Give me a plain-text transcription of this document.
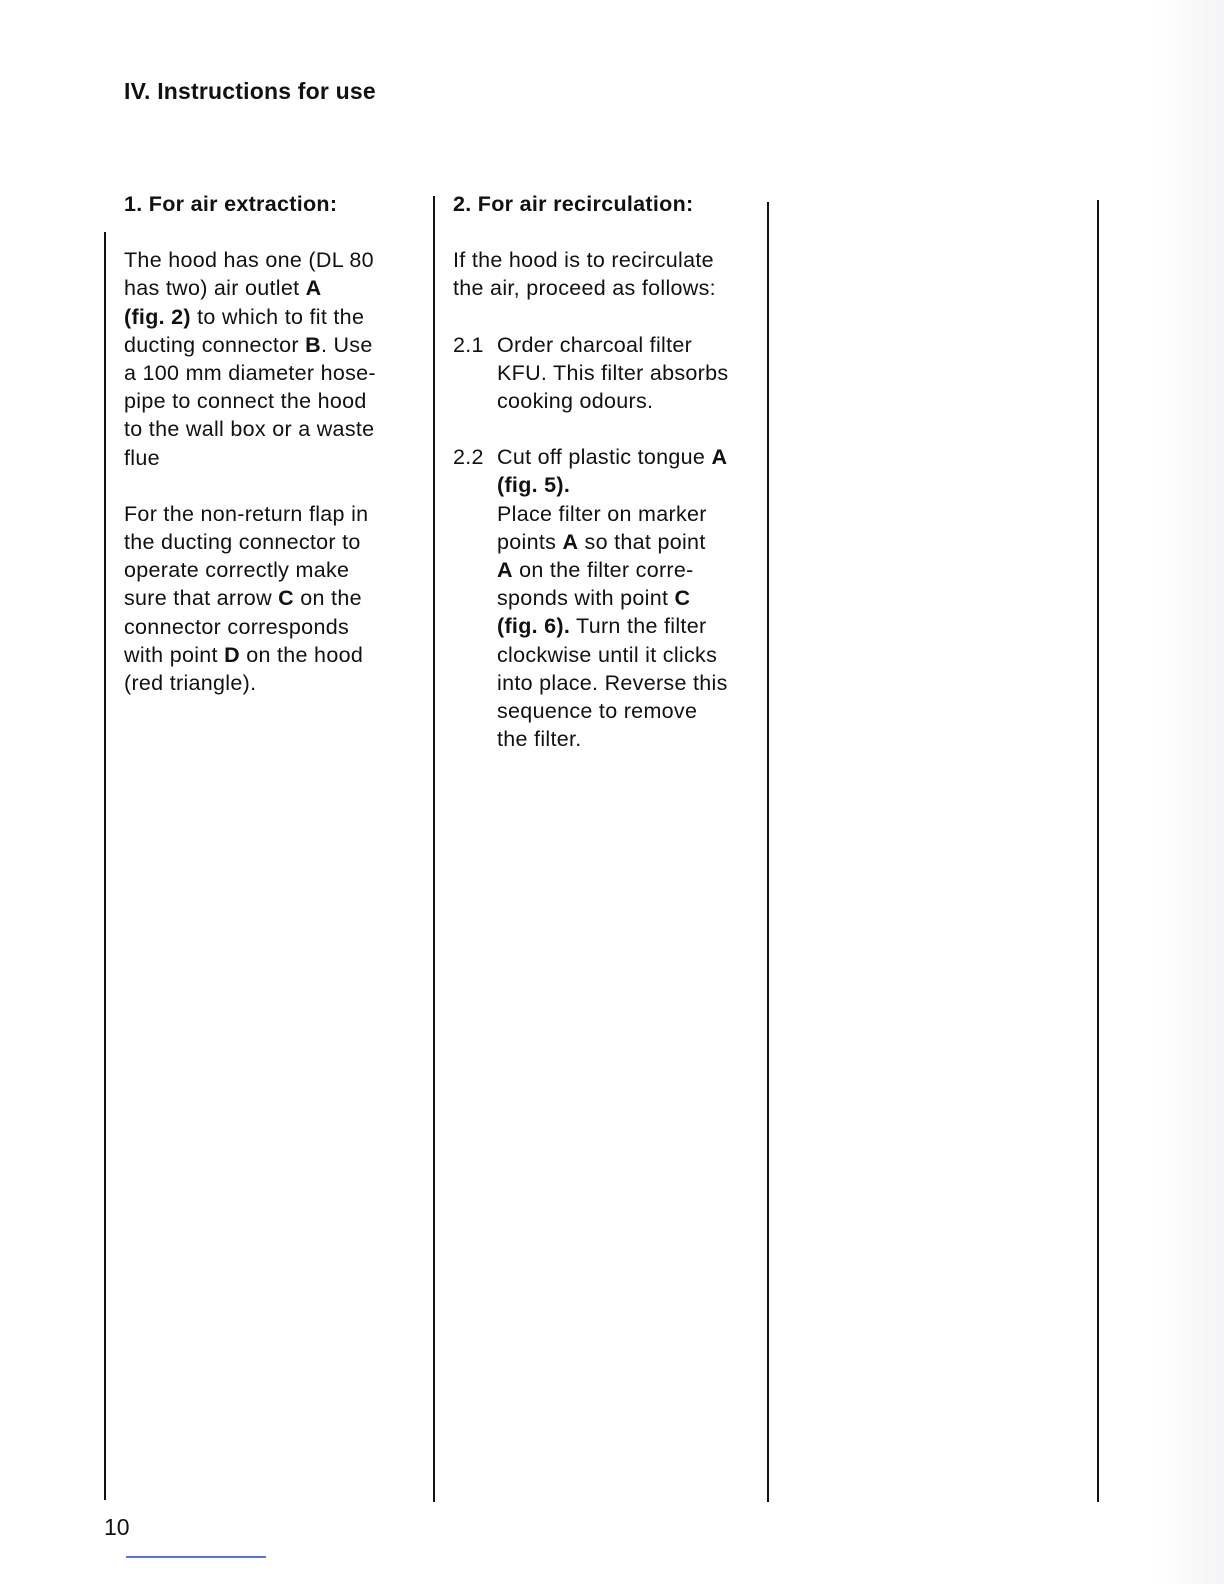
IV. Instructions for use

1. For air extraction:

The hood has one (DL 80
has two) air outlet A
(fig. 2) to which to fit the
ducting connector B. Use
a 100 mm diameter hose-
pipe to connect the hood
to the wall box or a waste
flue

For the non-return flap in
the ducting connector to
operate correctly make
sure that arrow C on the
connector corresponds
with point D on the hood
(red triangle).

2. For air recirculation:

If the hood is to recirculate
the air, proceed as follows:

2.1 Order charcoal filter
KFU. This filter absorbs
cooking odours.
2.2 Cut off plastic tongue A
(fig. 5).
Place filter on marker
points A so that point
A on the filter corre-
sponds with point C
(fig. 6). Turn the filter
clockwise until it clicks
into place. Reverse this
sequence to remove
the filter.
10
